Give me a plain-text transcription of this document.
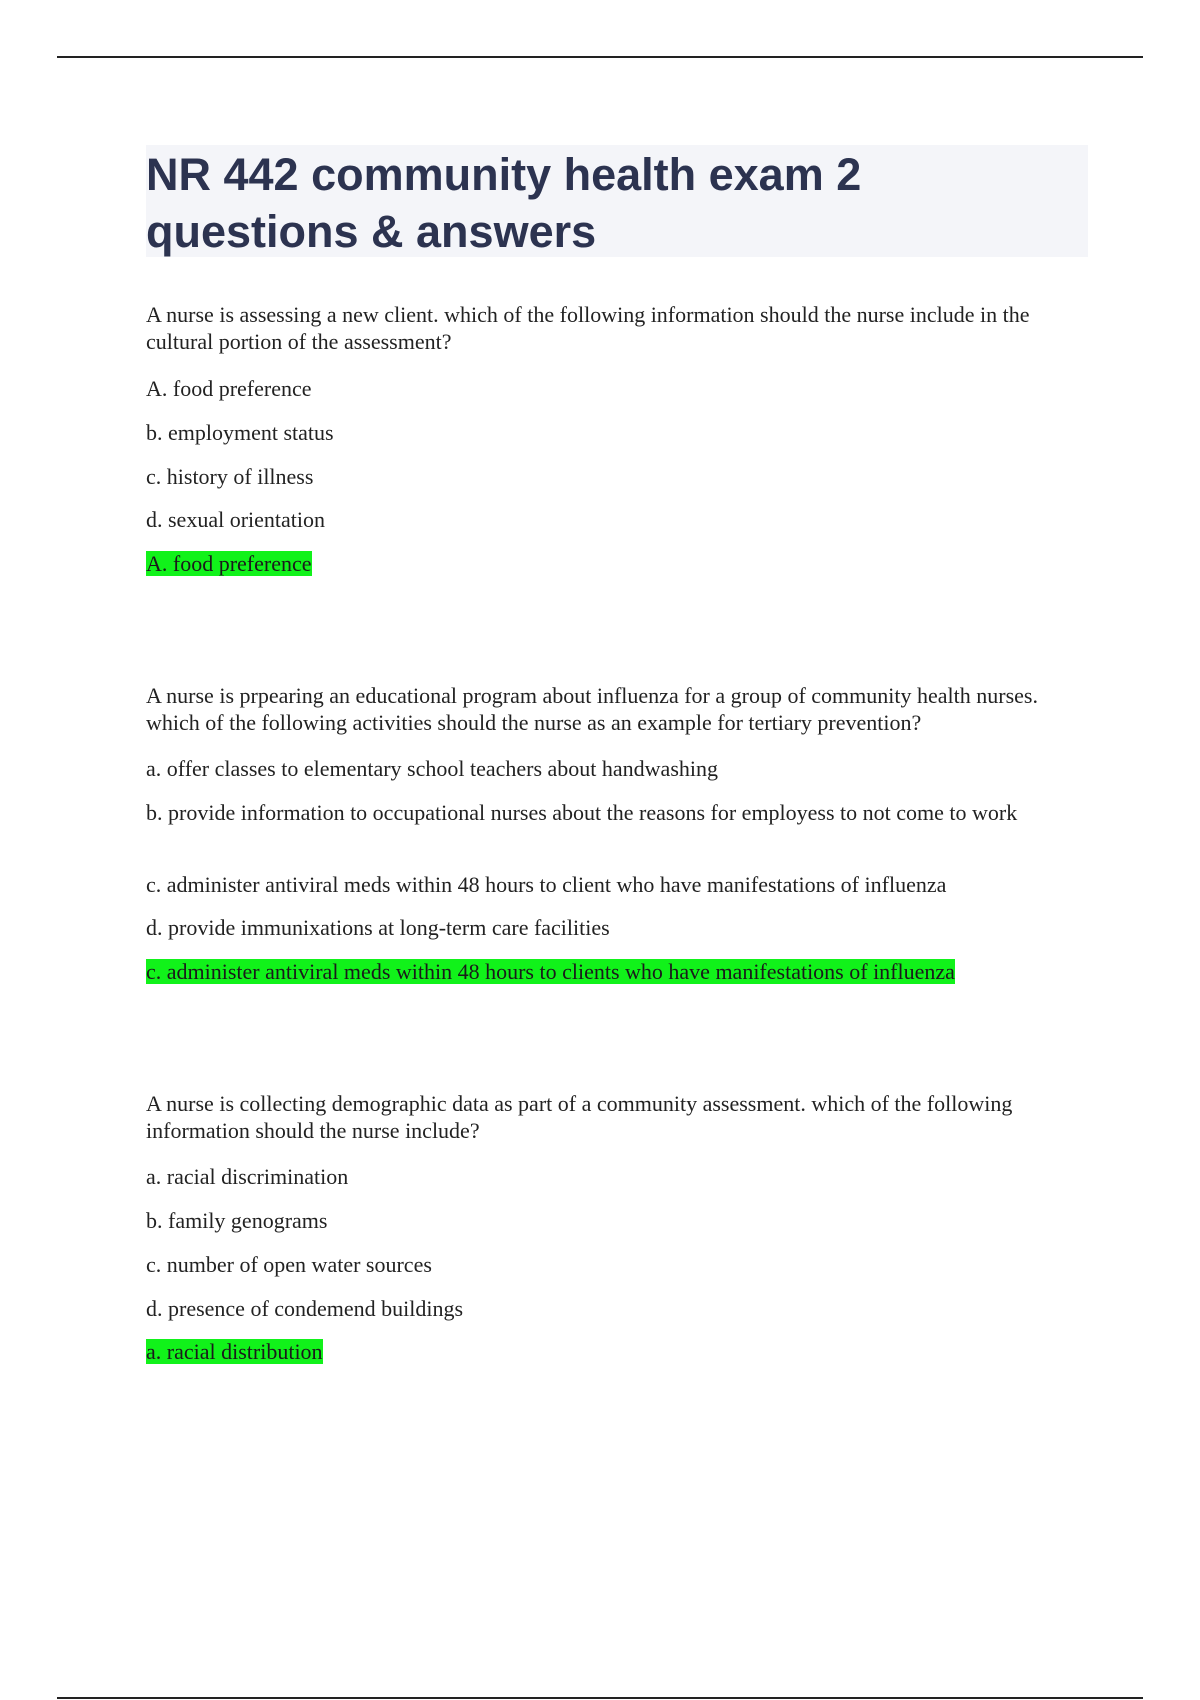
NR 442 community health exam 2 questions & answers

A nurse is assessing a new client. which of the following information should the nurse include in the cultural portion of the assessment?

A. food preference

b. employment status

c. history of illness

d. sexual orientation

A. food preference

A nurse is prpearing an educational program about influenza for a group of community health nurses. which of the following activities should the nurse as an example for tertiary prevention?

a. offer classes to elementary school teachers about handwashing

b. provide information to occupational nurses about the reasons for employess to not come to work

c. administer antiviral meds within 48 hours to client who have manifestations of influenza

d. provide immunixations at long-term care facilities

c. administer antiviral meds within 48 hours to clients who have manifestations of influenza

A nurse is collecting demographic data as part of a community assessment. which of the following information should the nurse include?

a. racial discrimination

b. family genograms

c. number of open water sources

d. presence of condemend buildings

a. racial distribution
